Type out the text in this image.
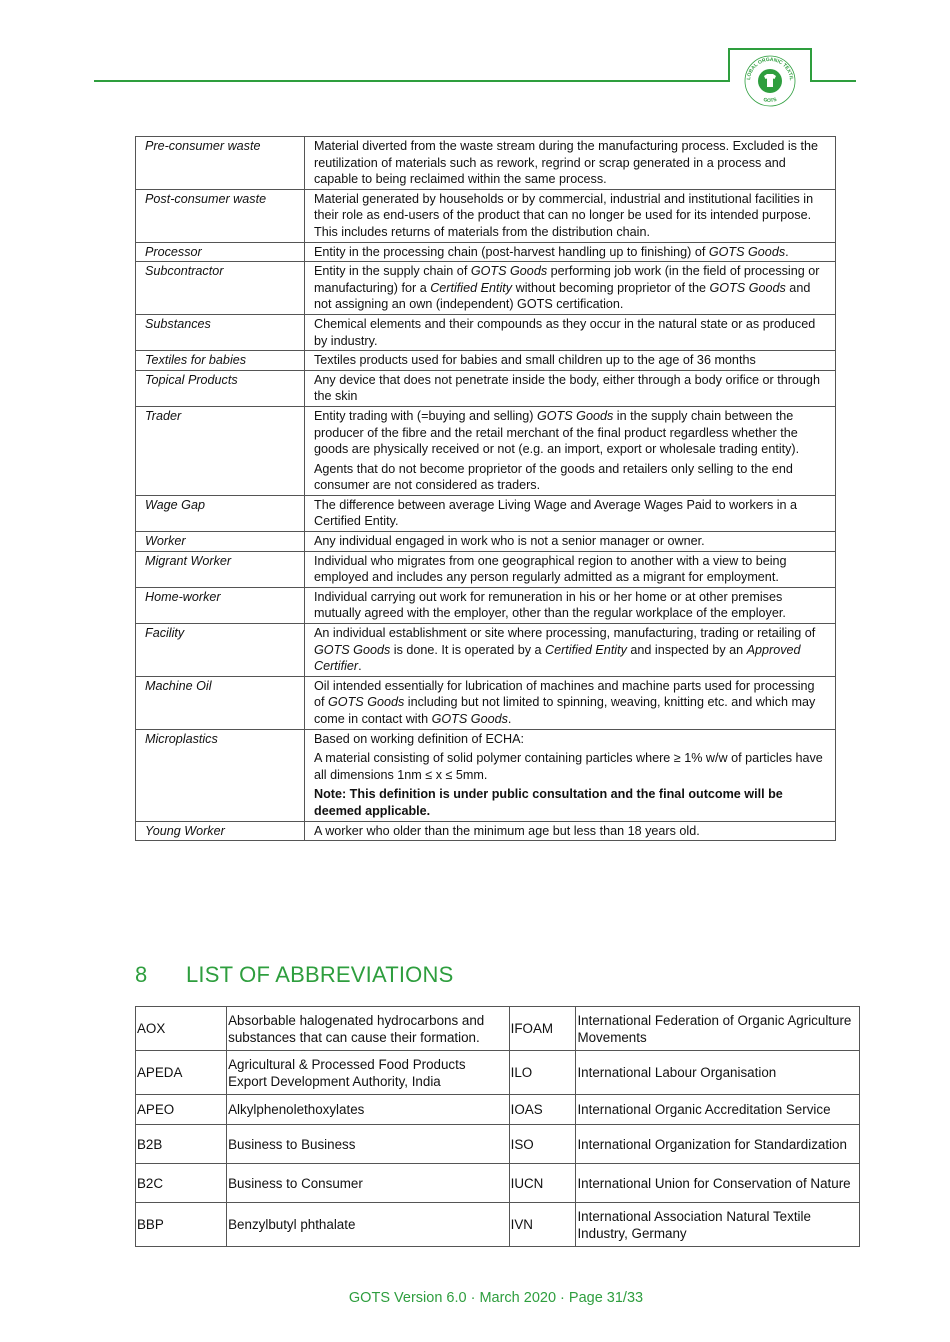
LOBAL ORGANIC TEXTIL
GOTS
Pre-consumer waste	Material diverted from the waste stream during the manufacturing process. Excluded is the reutilization of materials such as rework, regrind or scrap generated in a process and capable to being reclaimed within the same process.

Post-consumer waste	Material generated by households or by commercial, industrial and institutional facilities in their role as end-users of the product that can no longer be used for its intended purpose. This includes returns of materials from the distribution chain.

Processor	Entity in the processing chain (post-harvest handling up to finishing) of GOTS Goods.

Subcontractor	Entity in the supply chain of GOTS Goods performing job work (in the field of processing or manufacturing) for a Certified Entity without becoming proprietor of the GOTS Goods and not assigning an own (independent) GOTS certification.

Substances	Chemical elements and their compounds as they occur in the natural state or as produced by industry.

Textiles for babies	Textiles products used for babies and small children up to the age of 36 months

Topical Products	Any device that does not penetrate inside the body, either through a body orifice or through the skin

Trader	Entity trading with (=buying and selling) GOTS Goods in the supply chain between the producer of the fibre and the retail merchant of the final product regardless whether the goods are physically received or not (e.g. an import, export or wholesale trading entity).

Agents that do not become proprietor of the goods and retailers only selling to the end consumer are not considered as traders.

Wage Gap	The difference between average Living Wage and Average Wages Paid to workers in a Certified Entity.

Worker	Any individual engaged in work who is not a senior manager or owner.

Migrant Worker	Individual who migrates from one geographical region to another with a view to being employed and includes any person regularly admitted as a migrant for employment.

Home-worker	Individual carrying out work for remuneration in his or her home or at other premises mutually agreed with the employer, other than the regular workplace of the employer.

Facility	An individual establishment or site where processing, manufacturing, trading or retailing of GOTS Goods is done. It is operated by a Certified Entity and inspected by an Approved Certifier.

Machine Oil	Oil intended essentially for lubrication of machines and machine parts used for processing of GOTS Goods including but not limited to spinning, weaving, knitting etc. and which may come in contact with GOTS Goods.

Microplastics	Based on working definition of ECHA:

A material consisting of solid polymer containing particles where ≥ 1% w/w of particles have all dimensions 1nm ≤ x ≤ 5mm.

Note: This definition is under public consultation and the final outcome will be deemed applicable.

Young Worker	A worker who older than the minimum age but less than 18 years old.

8 LIST OF ABBREVIATIONS
AOX	Absorbable halogenated hydrocarbons and substances that can cause their formation.	IFOAM	International Federation of Organic Agriculture Movements
APEDA	Agricultural & Processed Food Products Export Development Authority, India	ILO	International Labour Organisation
APEO	Alkylphenolethoxylates	IOAS	International Organic Accreditation Service
B2B	Business to Business	ISO	International Organization for Standardization
B2C	Business to Consumer	IUCN	International Union for Conservation of Nature
BBP	Benzylbutyl phthalate	IVN	International Association Natural Textile Industry, Germany
GOTS Version 6.0 · March 2020 · Page 31/33
